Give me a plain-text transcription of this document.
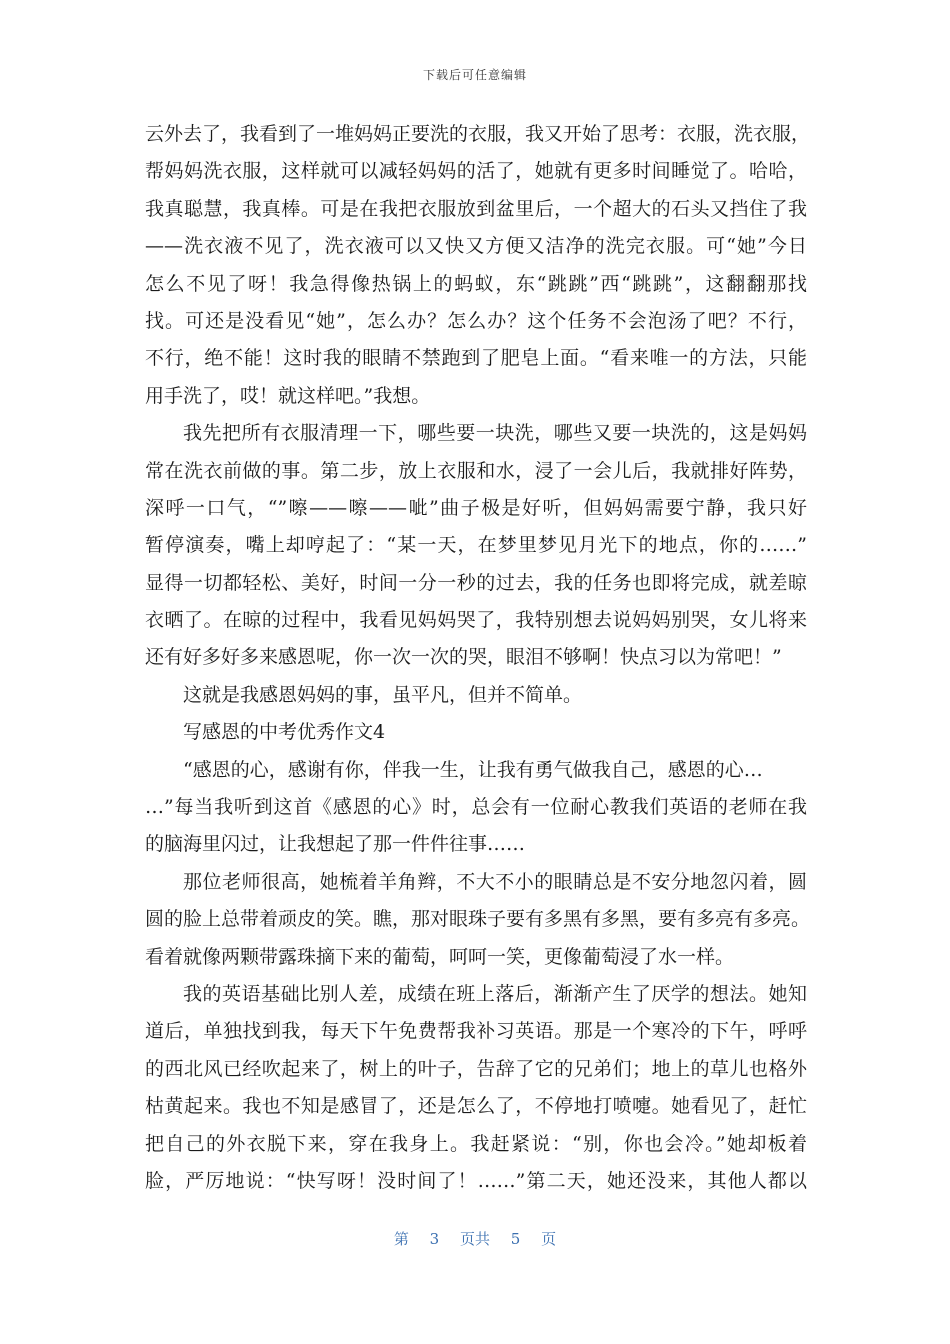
下载后可任意编辑
云外去了，我看到了一堆妈妈正要洗的衣服，我又开始了思考：衣服，洗衣服，
帮妈妈洗衣服，这样就可以减轻妈妈的活了，她就有更多时间睡觉了。哈哈，
我真聪慧，我真棒。可是在我把衣服放到盆里后，一个超大的石头又挡住了我
——洗衣液不见了，洗衣液可以又快又方便又洁净的洗完衣服。可“她”今日
怎么不见了呀！我急得像热锅上的蚂蚁，东“跳跳”西“跳跳”，这翻翻那找
找。可还是没看见“她”，怎么办？怎么办？这个任务不会泡汤了吧？不行，
不行，绝不能！这时我的眼睛不禁跑到了肥皂上面。“看来唯一的方法，只能
用手洗了，哎！就这样吧。”我想。
我先把所有衣服清理一下，哪些要一块洗，哪些又要一块洗的，这是妈妈
常在洗衣前做的事。第二步，放上衣服和水，浸了一会儿后，我就排好阵势，
深呼一口气，“”嚓——嚓——呲”曲子极是好听，但妈妈需要宁静，我只好
暂停演奏，嘴上却哼起了：“某一天，在梦里梦见月光下的地点，你的……”
显得一切都轻松、美好，时间一分一秒的过去，我的任务也即将完成，就差晾
衣晒了。在晾的过程中，我看见妈妈哭了，我特别想去说妈妈别哭，女儿将来
还有好多好多来感恩呢，你一次一次的哭，眼泪不够啊！快点习以为常吧！”
这就是我感恩妈妈的事，虽平凡，但并不简单。
写感恩的中考优秀作文4
“感恩的心，感谢有你，伴我一生，让我有勇气做我自己，感恩的心…
…”每当我听到这首《感恩的心》时，总会有一位耐心教我们英语的老师在我
的脑海里闪过，让我想起了那一件件往事……
那位老师很高，她梳着羊角辫，不大不小的眼睛总是不安分地忽闪着，圆
圆的脸上总带着顽皮的笑。瞧，那对眼珠子要有多黑有多黑，要有多亮有多亮。
看着就像两颗带露珠摘下来的葡萄，呵呵一笑，更像葡萄浸了水一样。
我的英语基础比别人差，成绩在班上落后，渐渐产生了厌学的想法。她知
道后，单独找到我，每天下午免费帮我补习英语。那是一个寒冷的下午，呼呼
的西北风已经吹起来了，树上的叶子，告辞了它的兄弟们；地上的草儿也格外
枯黄起来。我也不知是感冒了，还是怎么了，不停地打喷嚏。她看见了，赶忙
把自己的外衣脱下来，穿在我身上。我赶紧说：“别，你也会冷。”她却板着
脸，严厉地说：“快写呀！没时间了！……”第二天，她还没来，其他人都以
第 3 页共 5 页
